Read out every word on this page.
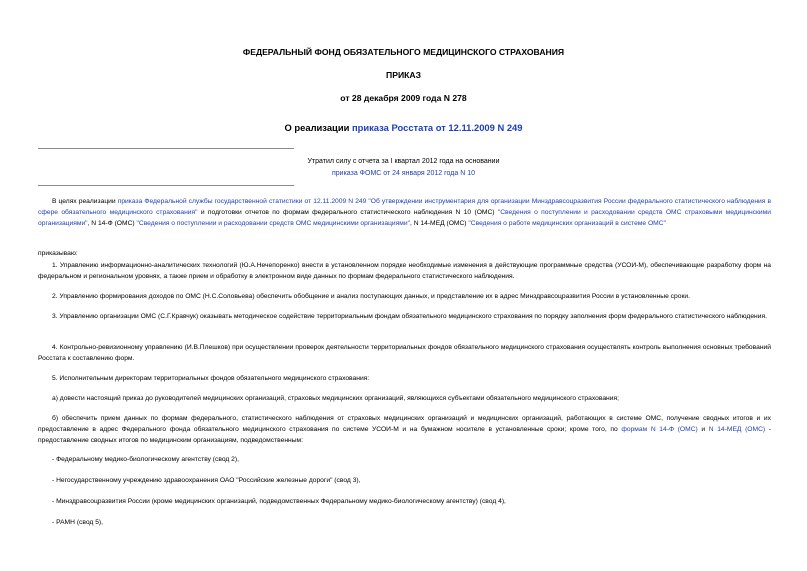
ФЕДЕРАЛЬНЫЙ ФОНД ОБЯЗАТЕЛЬНОГО МЕДИЦИНСКОГО СТРАХОВАНИЯ
ПРИКАЗ
от 28 декабря 2009 года N 278
О реализации приказа Росстата от 12.11.2009 N 249
Утратил силу с отчета за I квартал 2012 года на основании
приказа ФОМС от 24 января 2012 года N 10
В целях реализации приказа Федеральной службы государственной статистики от 12.11.2009 N 249 "Об утверждении инструментария для организации Минздравсоцразвития России федерального статистического наблюдения в сфере обязательного медицинского страхования" и подготовки отчетов по формам федерального статистического наблюдения N 10 (ОМС) "Сведения о поступлении и расходовании средств ОМС страховыми медицинскими организациями", N 14-Ф (ОМС) "Сведения о поступлении и расходовании средств ОМС медицинскими организациями", N 14-МЕД (ОМС) "Сведения о работе медицинских организаций в системе ОМС"
приказываю:
1. Управлению информационно-аналитических технологий (Ю.А.Нечепоренко) внести в установленном порядке необходимые изменения в действующие программные средства (УСОИ-М), обеспечивающие разработку форм на федеральном и региональном уровнях, а также прием и обработку в электронном виде данных по формам федерального статистического наблюдения.
2. Управлению формирования доходов по ОМС (Н.С.Соловьева) обеспечить обобщение и анализ поступающих данных, и представление их в адрес Минздравсоцразвития России в установленные сроки.
3. Управлению организации ОМС (С.Г.Кравчук) оказывать методическое содействие территориальным фондам обязательного медицинского страхования по порядку заполнения форм федерального статистического наблюдения.
4. Контрольно-ревизионному управлению (И.В.Плешков) при осуществлении проверок деятельности территориальных фондов обязательного медицинского страхования осуществлять контроль выполнения основных требований Росстата к составлению форм.
5. Исполнительным директорам территориальных фондов обязательного медицинского страхования:
а) довести настоящий приказ до руководителей медицинских организаций, страховых медицинских организаций, являющихся субъектами обязательного медицинского страхования;
б) обеспечить прием данных по формам федерального, статистического наблюдения от страховых медицинских организаций и медицинских организаций, работающих в системе ОМС, получение сводных итогов и их предоставление в адрес Федерального фонда обязательного медицинского страхования по системе УСОИ-М и на бумажном носителе в установленные сроки; кроме того, по формам N 14-Ф (ОМС) и N 14-МЕД (ОМС) - предоставление сводных итогов по медицинским организациям, подведомственным:
- Федеральному медико-биологическому агентству (свод 2),
- Негосударственному учреждению здравоохранения ОАО "Российские железные дороги" (свод 3),
- Минздравсоцразвития России (кроме медицинских организаций, подведомственных Федеральному медико-биологическому агентству) (свод 4),
- РАМН (свод 5),
